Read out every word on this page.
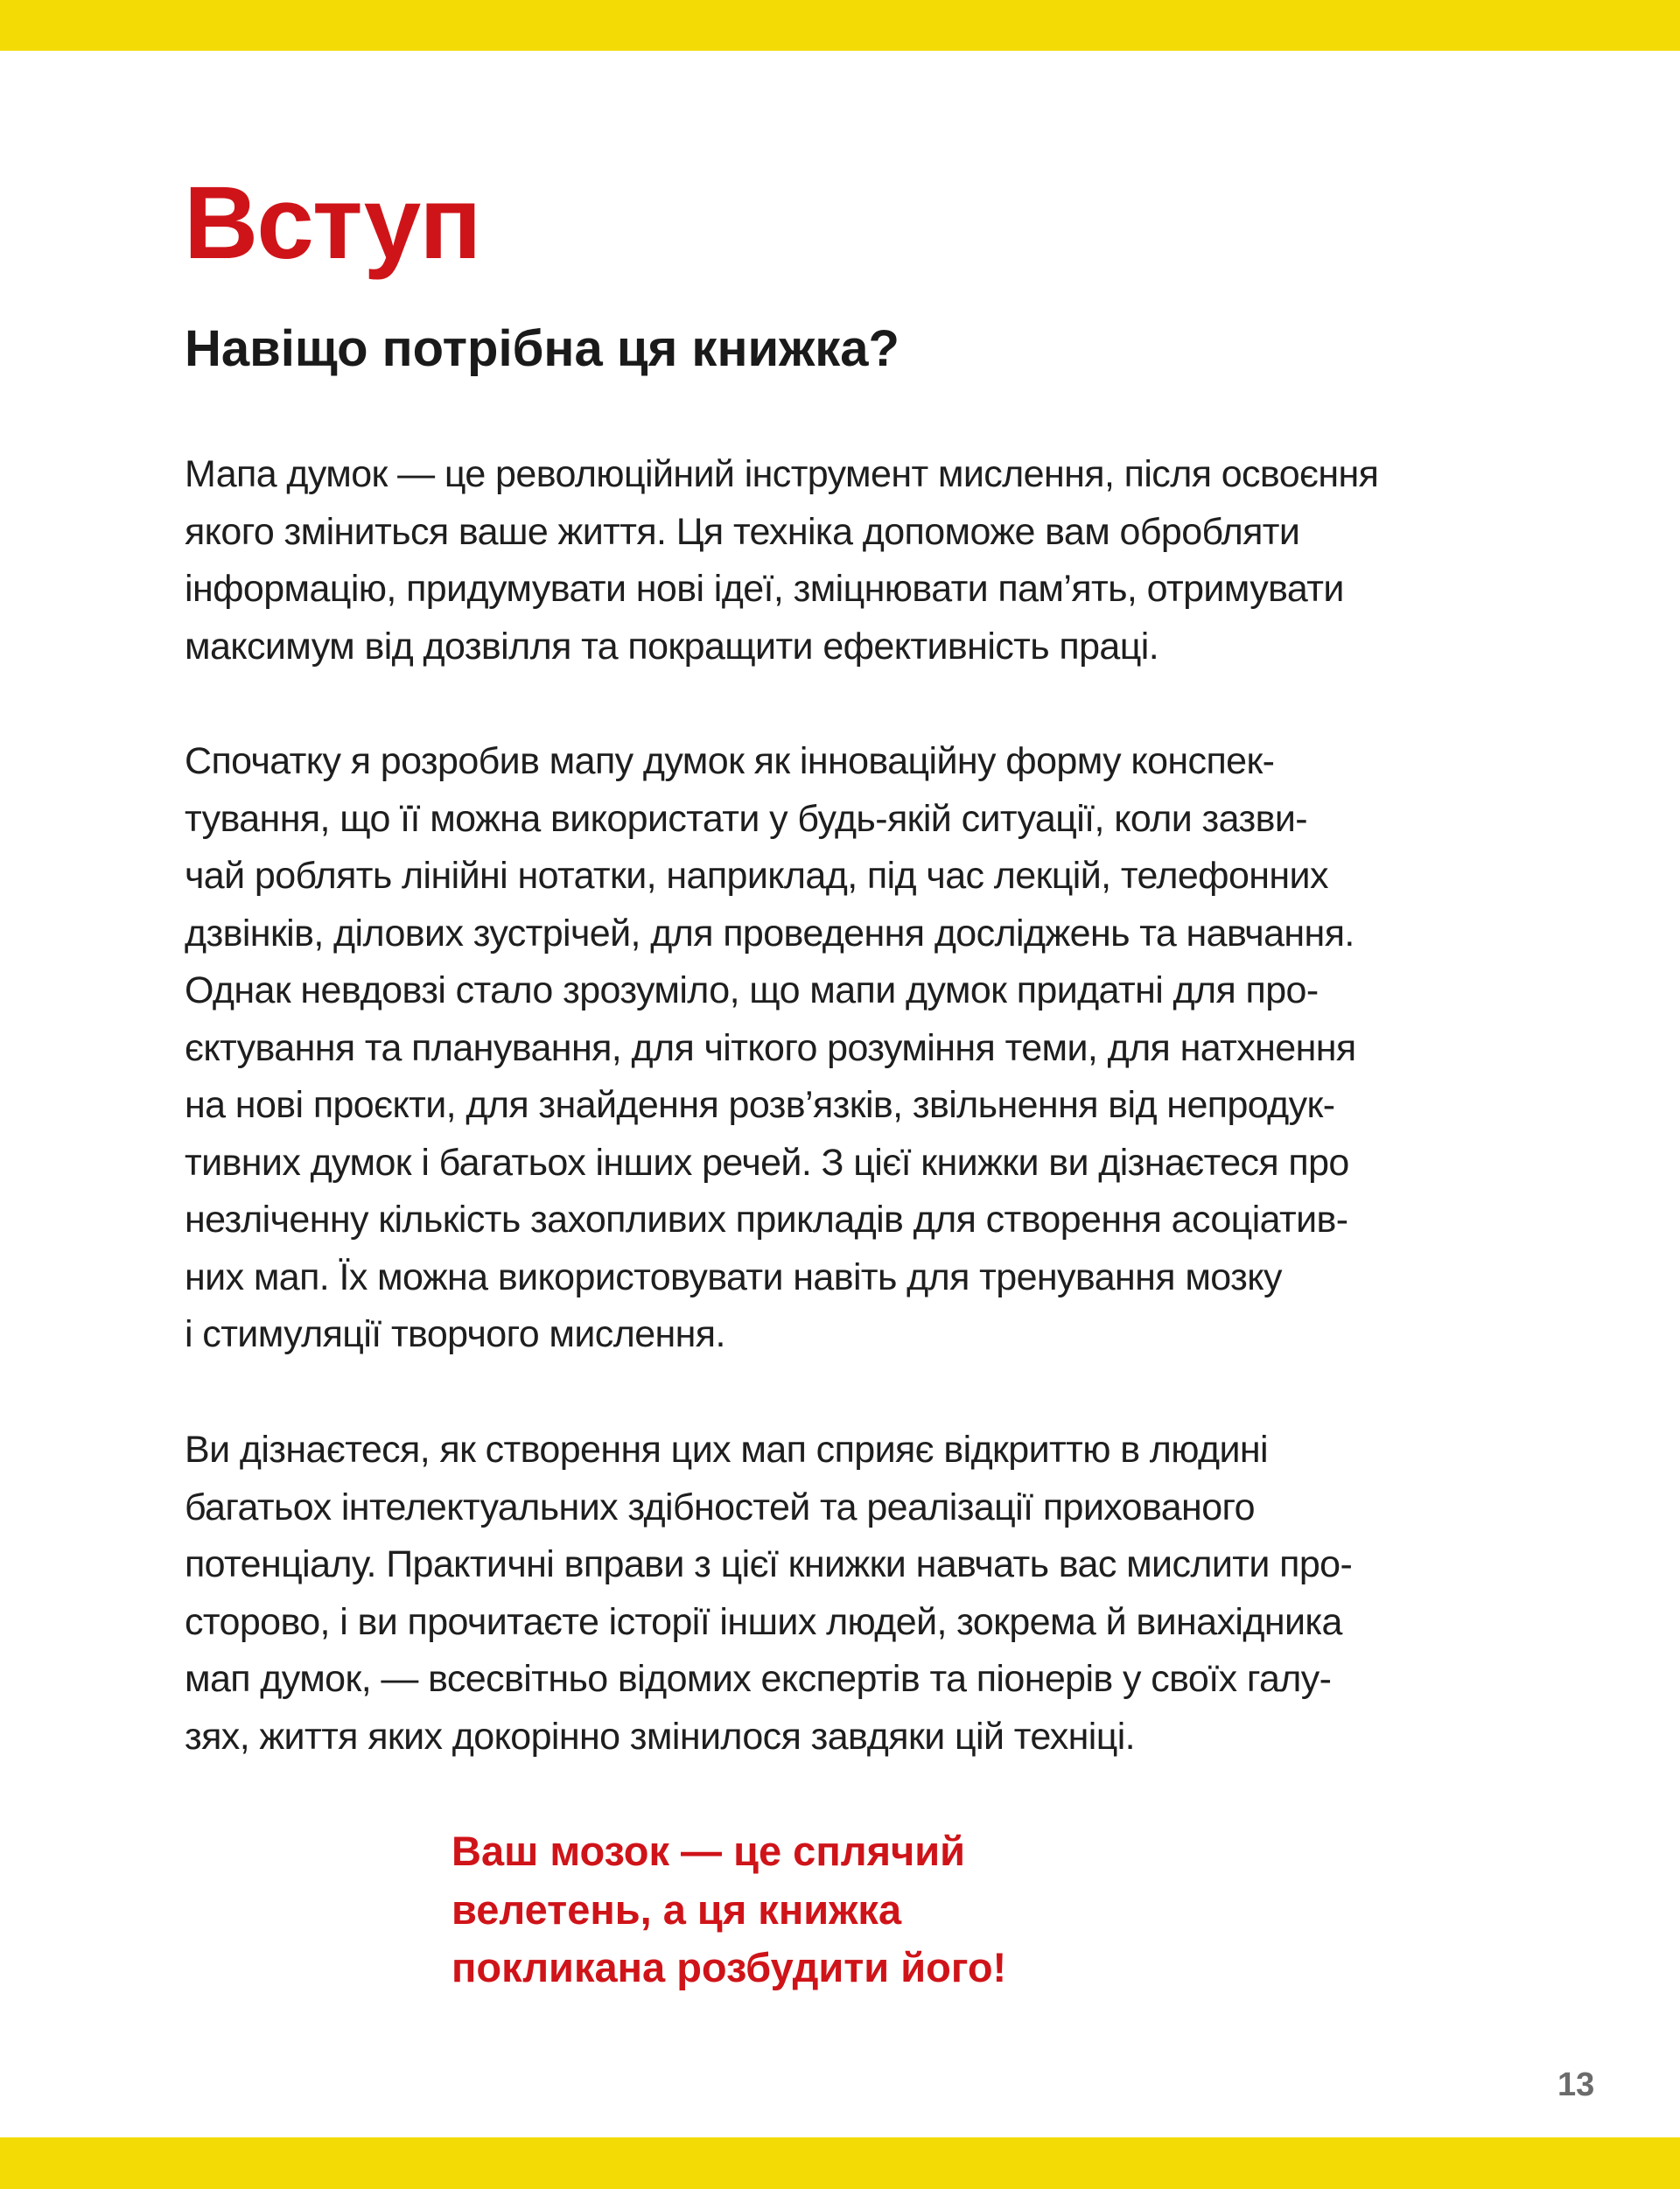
Вступ
Навіщо потрібна ця книжка?
Мапа думок — це революційний інструмент мислення, після освоєння
якого зміниться ваше життя. Ця техніка допоможе вам обробляти
інформацію, придумувати нові ідеї, зміцнювати пам’ять, отримувати
максимум від дозвілля та покращити ефективність праці.
Спочатку я розробив мапу думок як інноваційну форму конспек-
тування, що її можна використати у будь-якій ситуації, коли зазви-
чай роблять лінійні нотатки, наприклад, під час лекцій, телефонних
дзвінків, ділових зустрічей, для проведення досліджень та навчання.
Однак невдовзі стало зрозуміло, що мапи думок придатні для про-
єктування та планування, для чіткого розуміння теми, для натхнення
на нові проєкти, для знайдення розв’язків, звільнення від непродук-
тивних думок і багатьох інших речей. З цієї книжки ви дізнаєтеся про
незліченну кількість захопливих прикладів для створення асоціатив-
них мап. Їх можна використовувати навіть для тренування мозку
і стимуляції творчого мислення.
Ви дізнаєтеся, як створення цих мап сприяє відкриттю в людині
багатьох інтелектуальних здібностей та реалізації прихованого
потенціалу. Практичні вправи з цієї книжки навчать вас мислити про-
сторово, і ви прочитаєте історії інших людей, зокрема й винахідника
мап думок, — всесвітньо відомих експертів та піонерів у своїх галу-
зях, життя яких докорінно змінилося завдяки цій техніці.
Ваш мозок — це сплячий
велетень, а ця книжка
покликана розбудити його!
13
